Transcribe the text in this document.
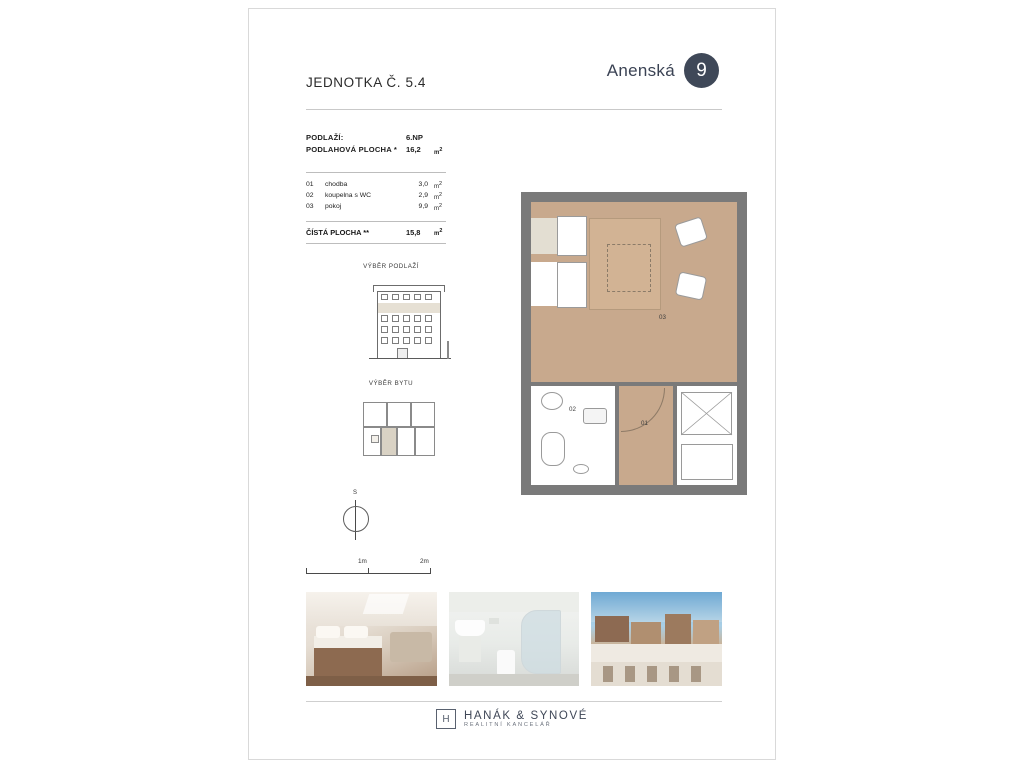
JEDNOTKA Č. 5.4
Anenská	9
PODLAŽÍ:	6.NP
PODLAHOVÁ PLOCHA * 16,2 $m^2$
01 chodba	3,0 $m^2$
02 koupelna s WC	2,9 $m^2$
03 pokoj	9,9 $m^2$
ČÍSTÁ PLOCHA **	15,8 $m^2$
VÝBĚR PODLAŽÍ
VÝBĚR BYTU
S
1m	2m
03
02
01
H	HANÁK & SYNOVÉ
REALITNÍ KANCELÁŘ
